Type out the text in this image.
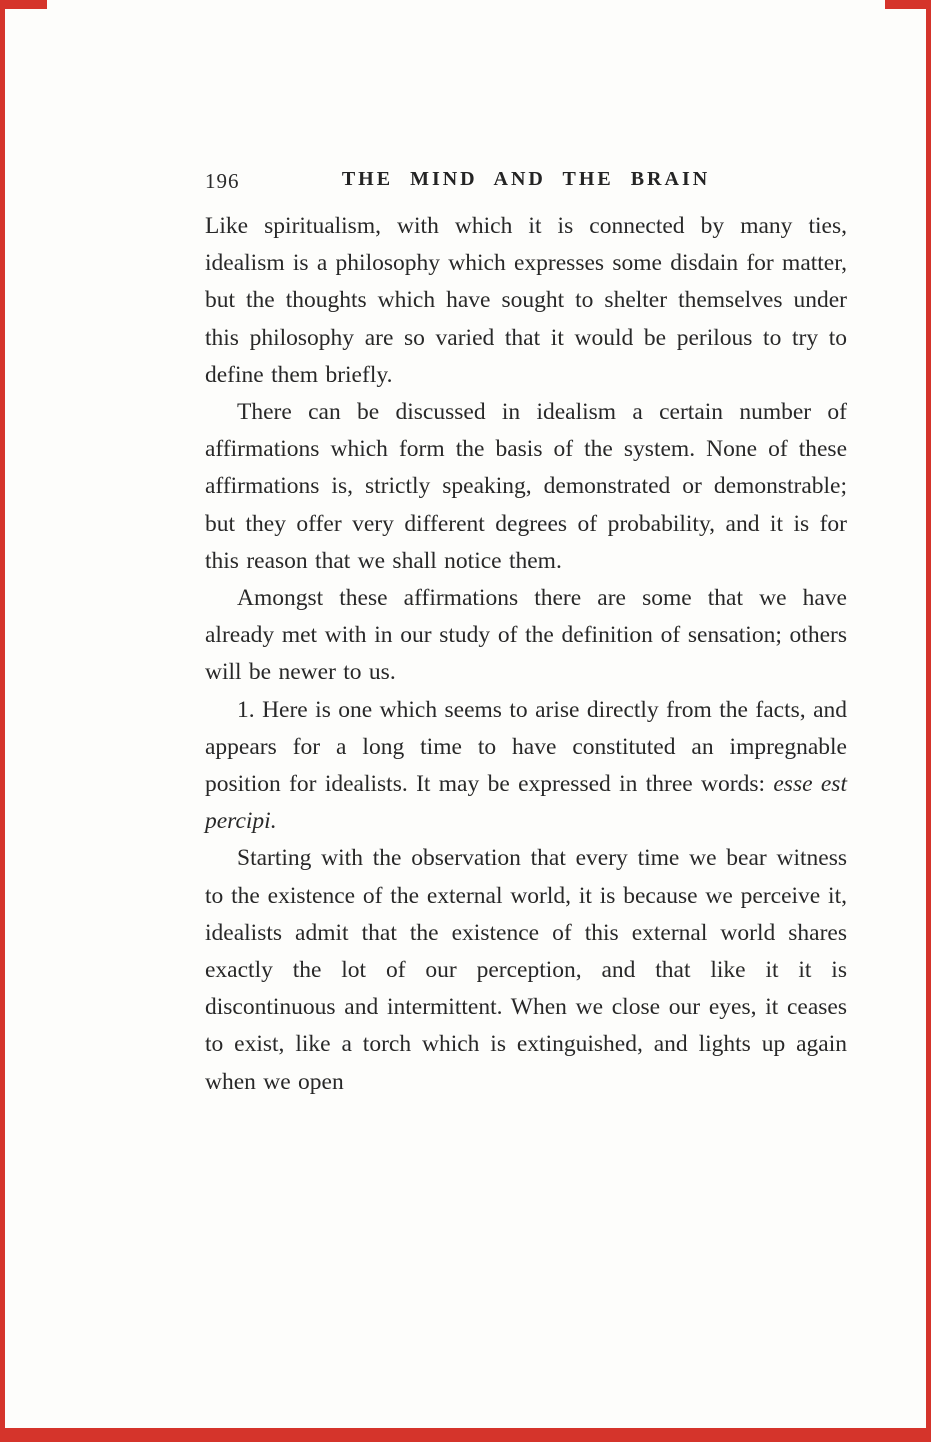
196	THE MIND AND THE BRAIN

Like spiritualism, with which it is connected by many ties, idealism is a philosophy which expresses some disdain for matter, but the thoughts which have sought to shelter themselves under this philosophy are so varied that it would be perilous to try to define them briefly.

There can be discussed in idealism a certain number of affirmations which form the basis of the system. None of these affirmations is, strictly speaking, demonstrated or demonstrable; but they offer very different degrees of probability, and it is for this reason that we shall notice them.

Amongst these affirmations there are some that we have already met with in our study of the definition of sensation; others will be newer to us.

1. Here is one which seems to arise directly from the facts, and appears for a long time to have constituted an impregnable position for idealists. It may be expressed in three words: esse est percipi.

Starting with the observation that every time we bear witness to the existence of the external world, it is because we perceive it, idealists admit that the existence of this external world shares exactly the lot of our perception, and that like it it is discontinuous and intermittent. When we close our eyes, it ceases to exist, like a torch which is extinguished, and lights up again when we open
